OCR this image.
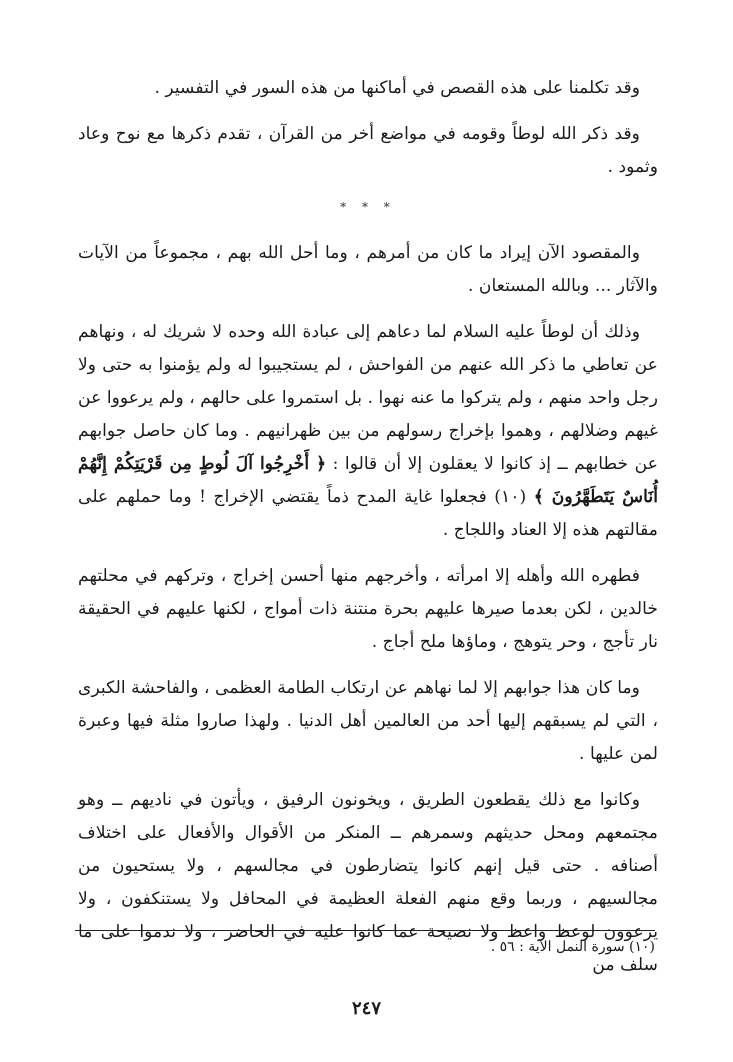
وقد تكلمنا على هذه القصص في أماكنها من هذه السور في التفسير .

وقد ذكر الله لوطاً وقومه في مواضع أخر من القرآن ، تقدم ذكرها مع نوح وعاد وثمود .

* * *

والمقصود الآن إيراد ما كان من أمرهم ، وما أحل الله بهم ، مجموعاً من الآيات والآثار ... وبالله المستعان .

وذلك أن لوطاً عليه السلام لما دعاهم إلى عبادة الله وحده لا شريك له ، ونهاهم عن تعاطي ما ذكر الله عنهم من الفواحش ، لم يستجيبوا له ولم يؤمنوا به حتى ولا رجل واحد منهم ، ولم يتركوا ما عنه نهوا . بل استمروا على حالهم ، ولم يرعووا عن غيهم وضلالهم ، وهموا بإخراج رسولهم من بين ظهرانيهم . وما كان حاصل جوابهم عن خطابهم ــ إذ كانوا لا يعقلون إلا أن قالوا : ﴿ أَخْرِجُوا آلَ لُوطٍ مِن قَرْيَتِكُمْ إِنَّهُمْ أُنَاسٌ يَتَطَهَّرُونَ ﴾ (١٠) فجعلوا غاية المدح ذماً يقتضي الإخراج ! وما حملهم على مقالتهم هذه إلا العناد واللجاج .

فطهره الله وأهله إلا امرأته ، وأخرجهم منها أحسن إخراج ، وتركهم في محلتهم خالدين ، لكن بعدما صيرها عليهم بحرة منتنة ذات أمواج ، لكنها عليهم في الحقيقة نار تأجج ، وحر يتوهج ، وماؤها ملح أجاج .

وما كان هذا جوابهم إلا لما نهاهم عن ارتكاب الطامة العظمى ، والفاحشة الكبرى ، التي لم يسبقهم إليها أحد من العالمين أهل الدنيا . ولهذا صاروا مثلة فيها وعبرة لمن عليها .

وكانوا مع ذلك يقطعون الطريق ، ويخونون الرفيق ، ويأتون في ناديهم ــ وهو مجتمعهم ومحل حديثهم وسمرهم ــ المنكر من الأقوال والأفعال على اختلاف أصنافه . حتى قيل إنهم كانوا يتضارطون في مجالسهم ، ولا يستحيون من مجالسيهم ، وربما وقع منهم الفعلة العظيمة في المحافل ولا يستنكفون ، ولا يرعوون لوعظ واعظ ولا نصيحة عما كانوا عليه في الحاضر ، ولا ندموا على ما سلف من

(١٠) سورة النمل الآية : ٥٦ .
٢٤٧
